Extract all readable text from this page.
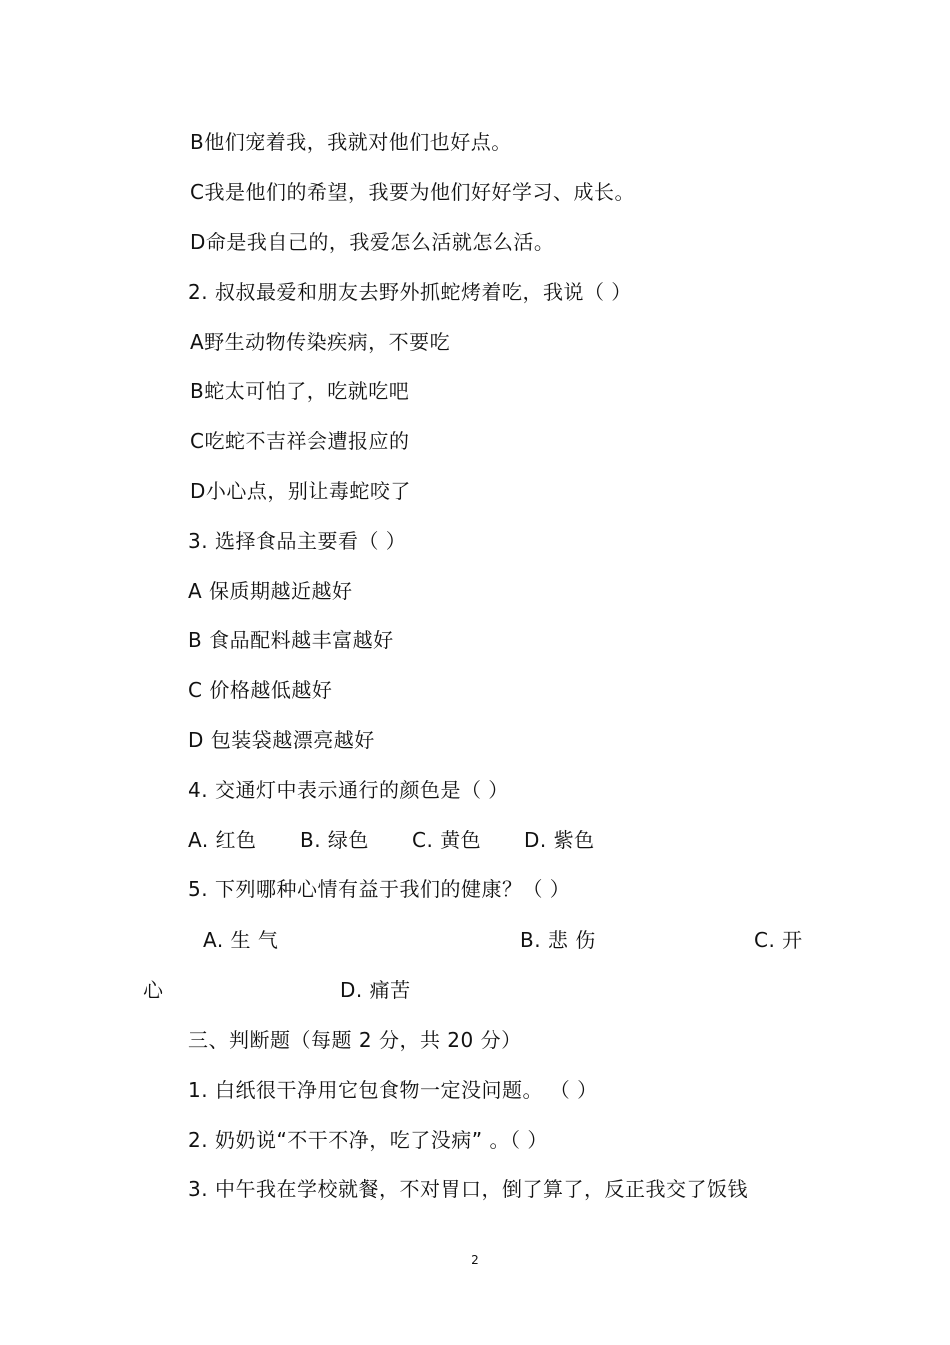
B他们宠着我，我就对他们也好点。
C我是他们的希望，我要为他们好好学习、成长。
D命是我自己的，我爱怎么活就怎么活。
2. 叔叔最爱和朋友去野外抓蛇烤着吃，我说（ ）
A野生动物传染疾病，不要吃
B蛇太可怕了，吃就吃吧
C吃蛇不吉祥会遭报应的
D小心点，别让毒蛇咬了
3. 选择食品主要看（ ）
A 保质期越近越好
B 食品配料越丰富越好
C 价格越低越好
D 包装袋越漂亮越好
4. 交通灯中表示通行的颜色是（ ）
A. 红色 B. 绿色 C. 黄色 D. 紫色
5. 下列哪种心情有益于我们的健康？（ ）
A. 生 气	B. 悲 伤	C. 开
心	D. 痛苦
三、判断题（每题 2 分，共 20 分）
1. 白纸很干净用它包食物一定没问题。 （ ）
2. 奶奶说“不干不净，吃了没病” 。（ ）
3. 中午我在学校就餐，不对胃口，倒了算了，反正我交了饭钱
2
